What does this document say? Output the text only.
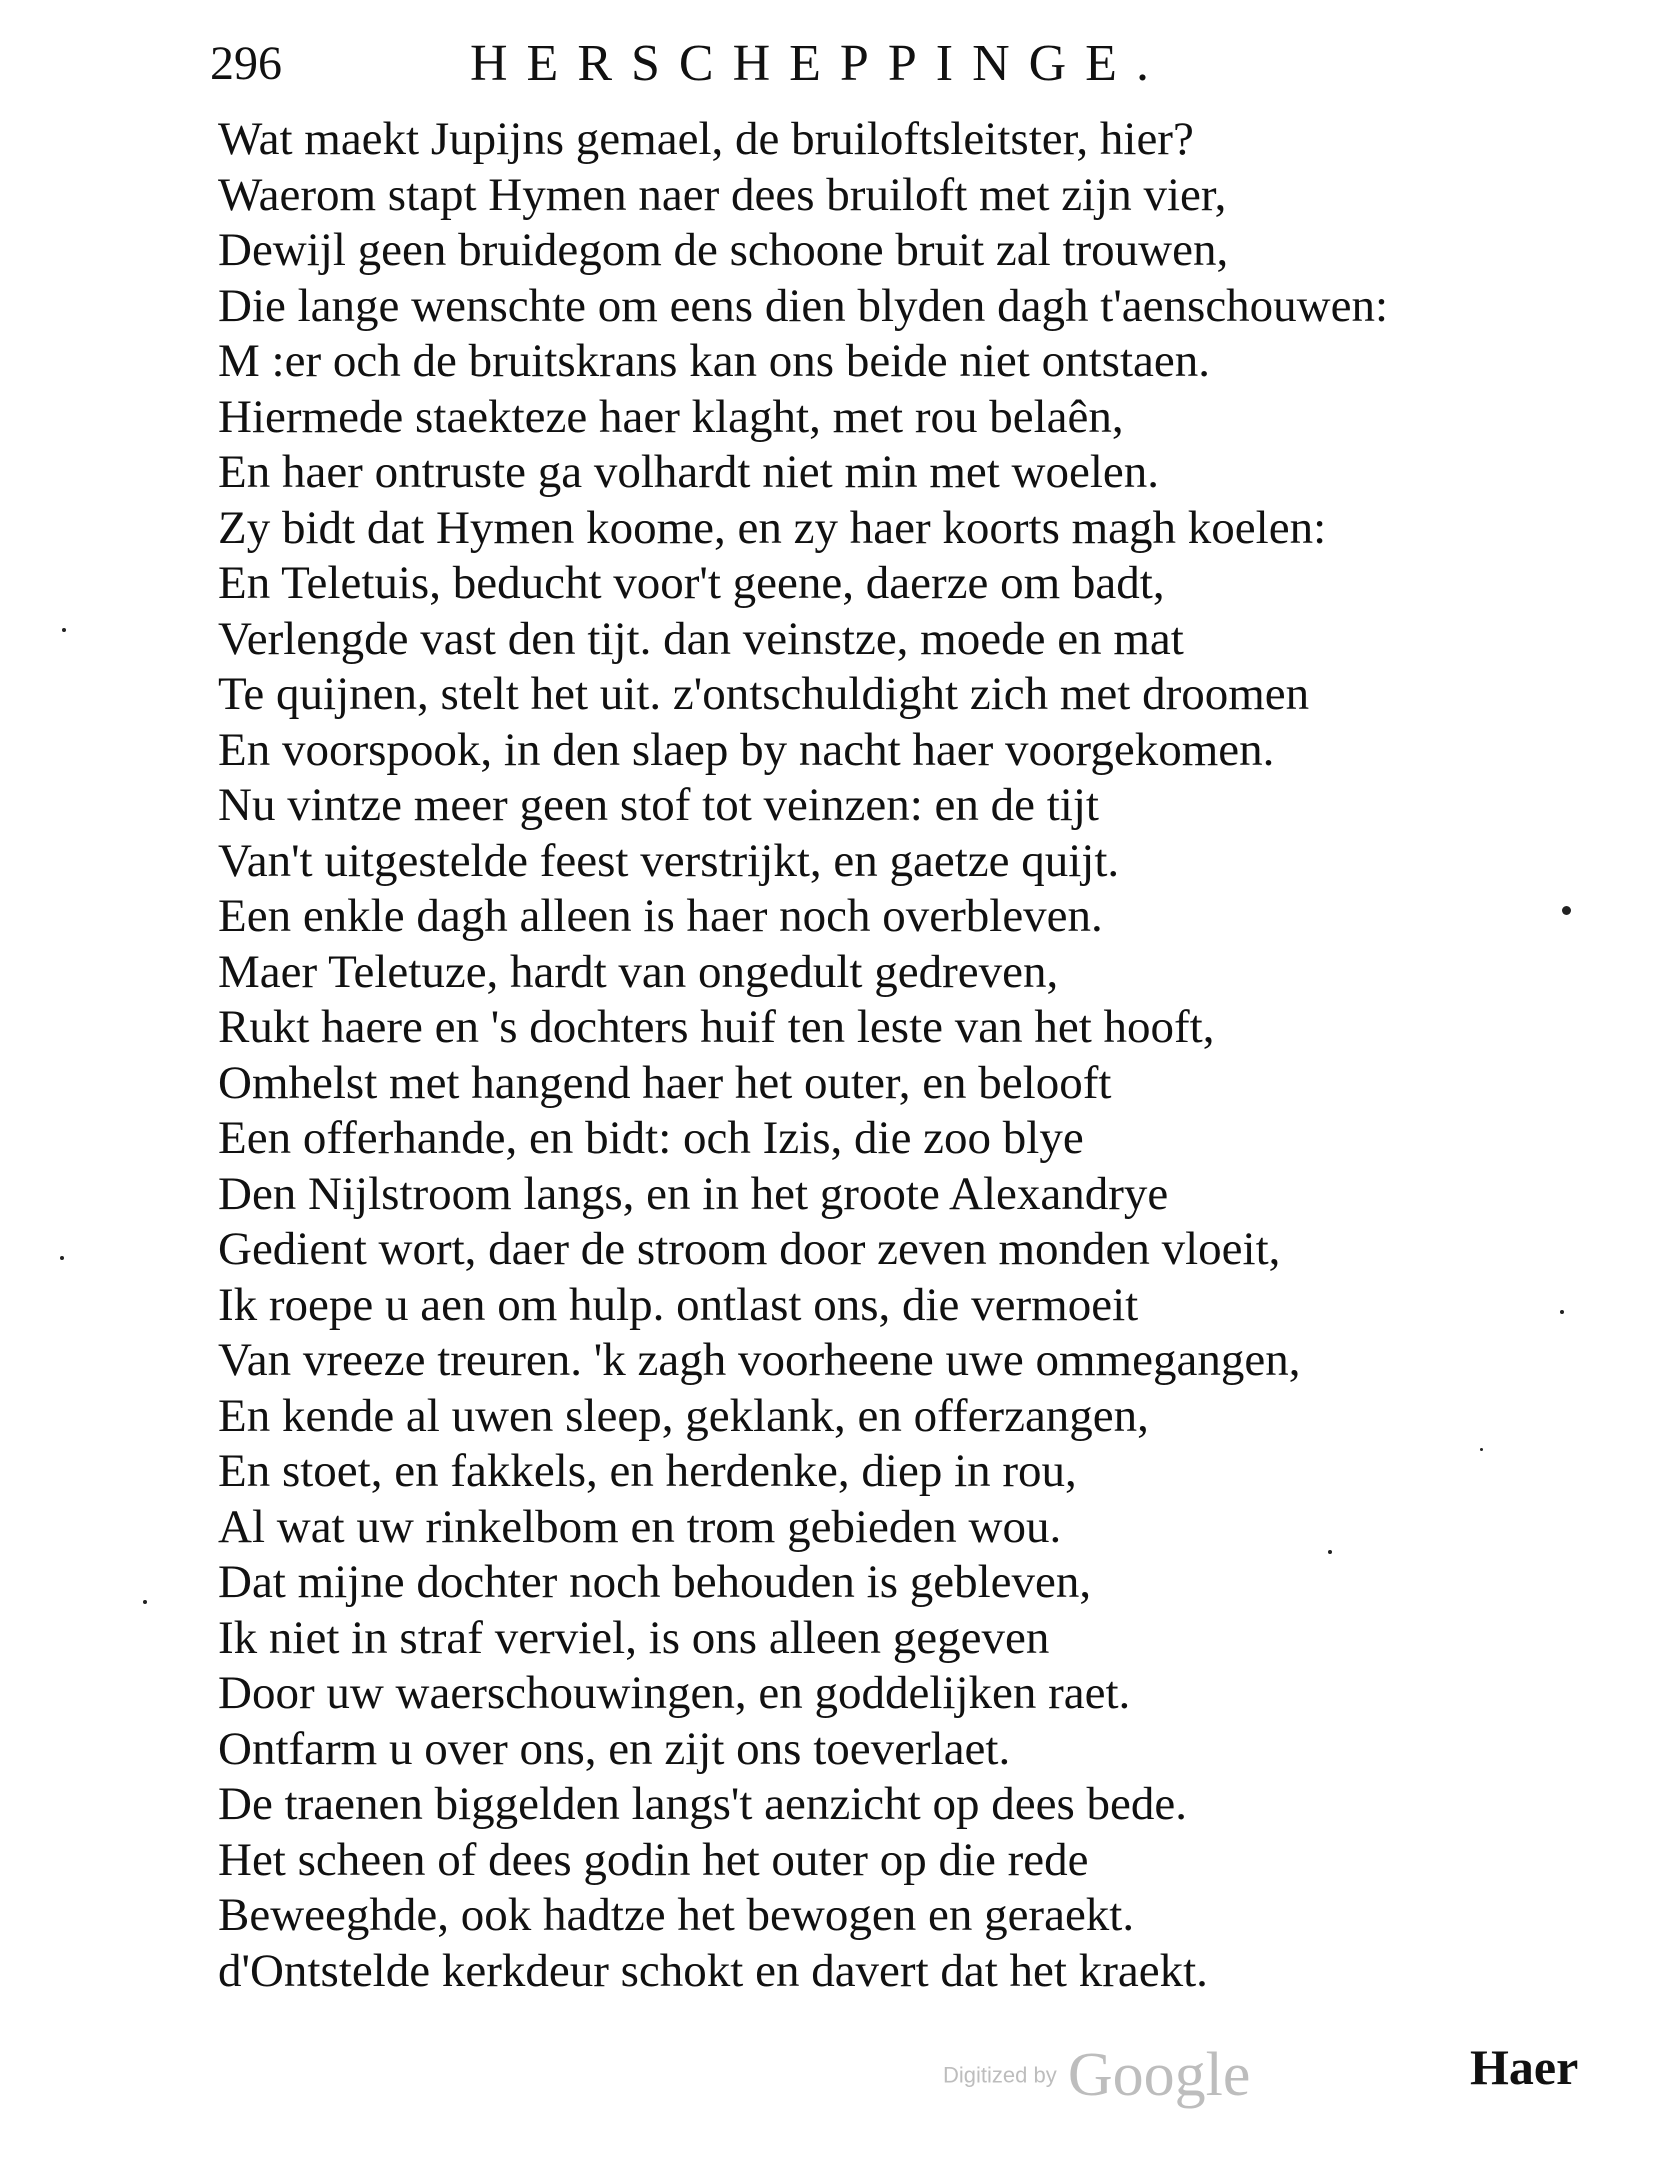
296	HERSCHEPPINGE.
Wat maekt Jupijns gemael, de bruiloftsleitster, hier?
Waerom stapt Hymen naer dees bruiloft met zijn vier,
Dewijl geen bruidegom de schoone bruit zal trouwen,
Die lange wenschte om eens dien blyden dagh t'aenschouwen:
M :er och de bruitskrans kan ons beide niet ontstaen.
Hiermede staekteze haer klaght, met rou belaên,
En haer ontruste ga volhardt niet min met woelen.
Zy bidt dat Hymen koome, en zy haer koorts magh koelen:
En Teletuis, beducht voor't geene, daerze om badt,
Verlengde vast den tijt. dan veinstze, moede en mat
Te quijnen, stelt het uit. z'ontschuldight zich met droomen
En voorspook, in den slaep by nacht haer voorgekomen.
Nu vintze meer geen stof tot veinzen: en de tijt
Van't uitgestelde feest verstrijkt, en gaetze quijt.
Een enkle dagh alleen is haer noch overbleven.
Maer Teletuze, hardt van ongedult gedreven,
Rukt haere en 's dochters huif ten leste van het hooft,
Omhelst met hangend haer het outer, en belooft
Een offerhande, en bidt: och Izis, die zoo blye
Den Nijlstroom langs, en in het groote Alexandrye
Gedient wort, daer de stroom door zeven monden vloeit,
Ik roepe u aen om hulp. ontlast ons, die vermoeit
Van vreeze treuren. 'k zagh voorheene uwe ommegangen,
En kende al uwen sleep, geklank, en offerzangen,
En stoet, en fakkels, en herdenke, diep in rou,
Al wat uw rinkelbom en trom gebieden wou.
Dat mijne dochter noch behouden is gebleven,
Ik niet in straf verviel, is ons alleen gegeven
Door uw waerschouwingen, en goddelijken raet.
Ontfarm u over ons, en zijt ons toeverlaet.
De traenen biggelden langs't aenzicht op dees bede.
Het scheen of dees godin het outer op die rede
Beweeghde, ook hadtze het bewogen en geraekt.
d'Ontstelde kerkdeur schokt en davert dat het kraekt.
Digitized by Google	Haer
